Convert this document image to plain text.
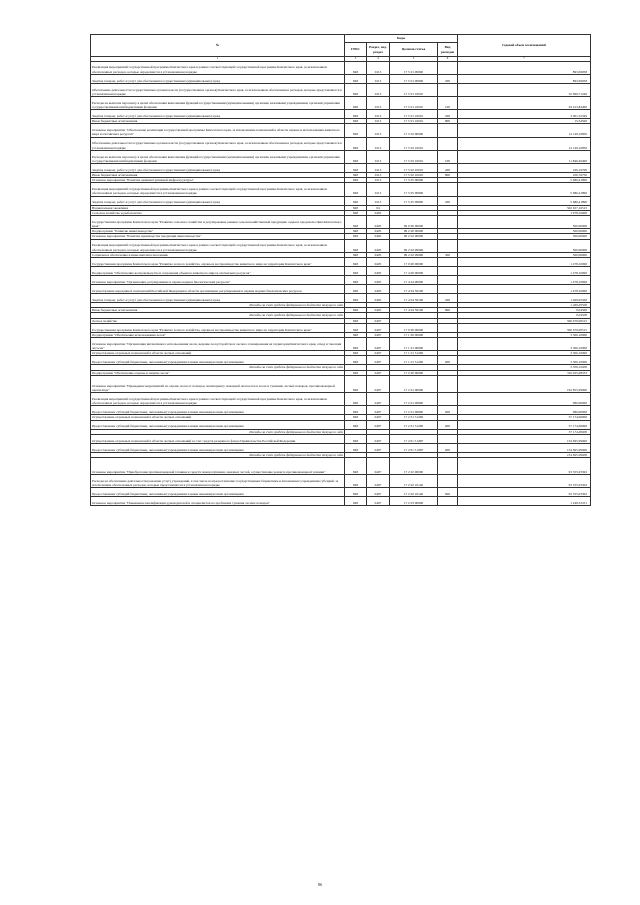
№	Коды				Годовой объем ассигнований
	ГРБС	Раздел, под-раздел	Целевая статья	Вид расходов	
1	3	4	5	6	7
Реализация мероприятий государственной программы Камчатского края в рамках соответствующей государственной программы Камчатского края, за исключением обеспеченных расходов, которые определяются в установленном порядке	848	0113	17 5 01 09990		893,69058
Закупка товаров, работ и услуг для обеспечения государственных (муниципальных) нужд	848	0113	17 5 01 09990	200	893,69058
Обеспечение деятельности государственных органов власти (государственных органов) Камчатского края, за исключением обеспеченных расходов, которые представляются в установленном порядке	848	0113	17 5 01 10010		32 690,71249
Расходы на выплаты персоналу в целях обеспечения выполнения функций государственными (муниципальными) органами, казенными учреждениями, органами управления государственными внебюджетными фондами	848	0113	17 5 01 10010	100	29 613,84400
Закупка товаров, работ и услуг для обеспечения государственных (муниципальных) нужд	848	0113	17 5 01 10010	200	3 061,52349
Иные бюджетные ассигнования	848	0113	17 5 01 10010	800	15,34500
Основное мероприятие "Обеспечение реализации государственной программы Камчатского края, за исключением полномочий в области охраны и использования животного мира и охотничьих ресурсов"	848	0113	17 5 02 00000		12 149,16850
Обеспечение деятельности государственных органов власти (государственных органов) Камчатского края, за исключением обеспеченных расходов, которые представляются в установленном порядке	848	0113	17 5 02 10010		12 149,16850
Расходы на выплаты персоналу в целях обеспечения выполнения функций государственными (муниципальными) органами, казенными учреждениями, органами управления государственными внебюджетными фондами	848	0113	17 5 02 10010	100	11 846,29400
Закупка товаров, работ и услуг для обеспечения государственных (муниципальных) нужд	848	0113	17 5 02 10010	200	196,19700
Иные бюджетные ассигнования	848	0113	17 5 02 10010	800	106,76750
Основное мероприятие "Развитие административной инфраструктуры"	848	0113	17 5 05 00000		5 686,41890
Реализация мероприятий государственной программы Камчатского края в рамках соответствующей государственной программы Камчатского края, за исключением обеспеченных расходов, которые определяются в установленном порядке	848	0113	17 5 05 09990		5 686,41890
Закупка товаров, работ и услуг для обеспечения государственных (муниципальных) нужд	848	0113	17 5 05 09990	200	5 686,41890
Национальная экономика	848	04			502 657,16515
Сельское хозяйство и рыболовство	848	0405			1 978,10000
Государственная программа Камчатского края "Развитие сельского хозяйства и регулирование рынков сельскохозяйственной продукции, сырья и продовольствия Камчатского края"	848	0405	09 0 00 00000		500,00000
Подпрограмма "Развитие животноводства"	848	0405	09 2 00 00000		500,00000
Основное мероприятие "Развитие производства продукции животноводства"	848	0405	09 2 02 00000		500,00000
Реализация мероприятий государственной программы Камчатского края в рамках соответствующей государственной программы Камчатского края, за исключением обеспеченных расходов, которые определяются в установленном порядке	848	0405	09 2 02 09990		500,00000
Социальное обеспечение и иные выплаты населению	848	0405	09 2 02 09990	300	500,00000
Государственная программа Камчатского края "Развитие лесного хозяйства, охраны и воспроизводства животного мира на территории Камчатского края"	848	0405	17 0 00 00000		1 478,10000
Подпрограмма "Обеспечение воспроизводства и сохранения объектов животного мира и охотничьих ресурсов"	848	0405	17 4 00 00000		1 478,10000
Основное мероприятие "Организация, регулирование и охрана водных биологических ресурсов"	848	0405	17 4 04 00000		1 478,10000
Осуществление переданных полномочий Российской Федерации в области организации, регулирования и охраны водных биологических ресурсов	848	0405	17 4 04 59190		1 478,10000
Закупка товаров, работ и услуг для обеспечения государственных (муниципальных) нужд	848	0405	17 4 04 59190	200	1 469,05500
Расходы за счет средств федерального бюджета текущего года					1 469,05500
Иные бюджетные ассигнования	848	0405	17 4 04 59190	800	9,04500
Расходы за счет средств федерального бюджета текущего года					9,04500
Лесное хозяйство	848	0407			500 679,06515
Государственная программа Камчатского края "Развитие лесного хозяйства, охраны и воспроизводства животного мира на территории Камчатского края"	848	0407	17 0 00 00000		500 679,06515
Подпрограмма "Обеспечение использования лесов"	848	0407	17 1 00 00000		3 306,10000
Основное мероприятие "Организация интенсивного использования лесов, ведение лесоустройства и лесного планирования на территории Камчатского края, отвод и таксация лесосек"	848	0407	17 1 01 00000		3 306,10000
Осуществление отдельных полномочий в области лесных отношений	848	0407	17 1 01 51290		3 306,10000
Предоставление субсидий бюджетным, автономным учреждениям и иным некоммерческим организациям	848	0407	17 1 01 51290	600	3 306,10000
Расходы за счет средств федерального бюджета текущего года					3 306,10000
Подпрограмма "Обеспечение охраны и защиты лесов"	848	0407	17 2 00 00000		316 925,08333
Основное мероприятие "Проведение мероприятий по охране лесов от пожаров, мониторингу пожарной опасности в лесах и тушению лесных пожаров, противопожарной пропаганде"	848	0407	17 2 01 00000		192 855,99000
Реализация мероприятий государственной программы Камчатского края в рамках соответствующей государственной программы Камчатского края, за исключением обеспеченных расходов, которые определяются в установленном порядке	848	0407	17 2 01 09990		986,00000
Предоставление субсидий бюджетным, автономным учреждениям и иным некоммерческим организациям	848	0407	17 2 01 09990	600	986,00000
Осуществление отдельных полномочий в области лесных отношений	848	0407	17 2 01 51290		57 174,00000
Предоставление субсидий бюджетным, автономным учреждениям и иным некоммерческим организациям	848	0407	17 2 01 51290	600	57 174,00000
Расходы за счет средств федерального бюджета текущего года					57 174,00000
Осуществление отдельных полномочий в области лесных отношений за счет средств резервного фонда Правительства Российской Федерации	848	0407	17 2 01 5129F		134 695,99000
Предоставление субсидий бюджетным, автономным учреждениям и иным некоммерческим организациям	848	0407	17 2 01 5129F	600	134 695,99000
Расходы за счет средств федерального бюджета текущего года					134 695,99000
Основное мероприятие "Приобретение противопожарной техники и средств пожаротушения, заказных частей, осуществление ремонта противопожарной техники"	848	0407	17 2 02 00000		93 355,03302
Расходы на обеспечение деятельности (оказание услуг) учреждений, в том числе на предоставление государственным бюджетным и автономным учреждениям субсидий, за исключением обеспеченных расходов, которые представляются в установленном порядке	848	0407	17 2 02 10140		93 355,03302
Предоставление субсидий бюджетным, автономным учреждениям и иным некоммерческим организациям	848	0407	17 2 02 10140	600	93 355,03302
Основное мероприятие "Повышение квалификации руководителей и специалистов по проблемам тушения лесных пожаров"	848	0407	17 2 03 00000		1 249,52331
86
